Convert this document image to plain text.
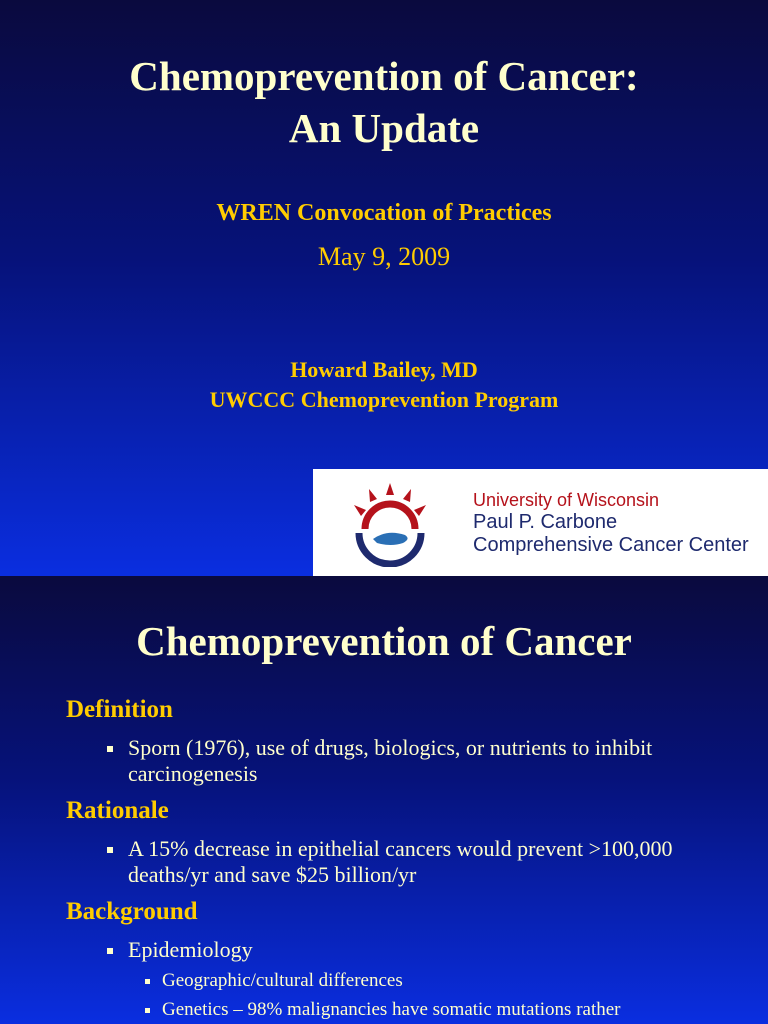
Chemoprevention of Cancer:
An Update
WREN Convocation of Practices
May 9, 2009
Howard Bailey, MD
UWCCC Chemoprevention Program
University of Wisconsin
Paul P. Carbone
Comprehensive Cancer Center
Chemoprevention of Cancer
Definition
Sporn (1976), use of drugs, biologics, or nutrients to inhibit carcinogenesis
Rationale
A 15% decrease in epithelial cancers would prevent >100,000 deaths/yr and save $25 billion/yr
Background
Epidemiology
Geographic/cultural differences
Genetics – 98% malignancies have somatic mutations rather
